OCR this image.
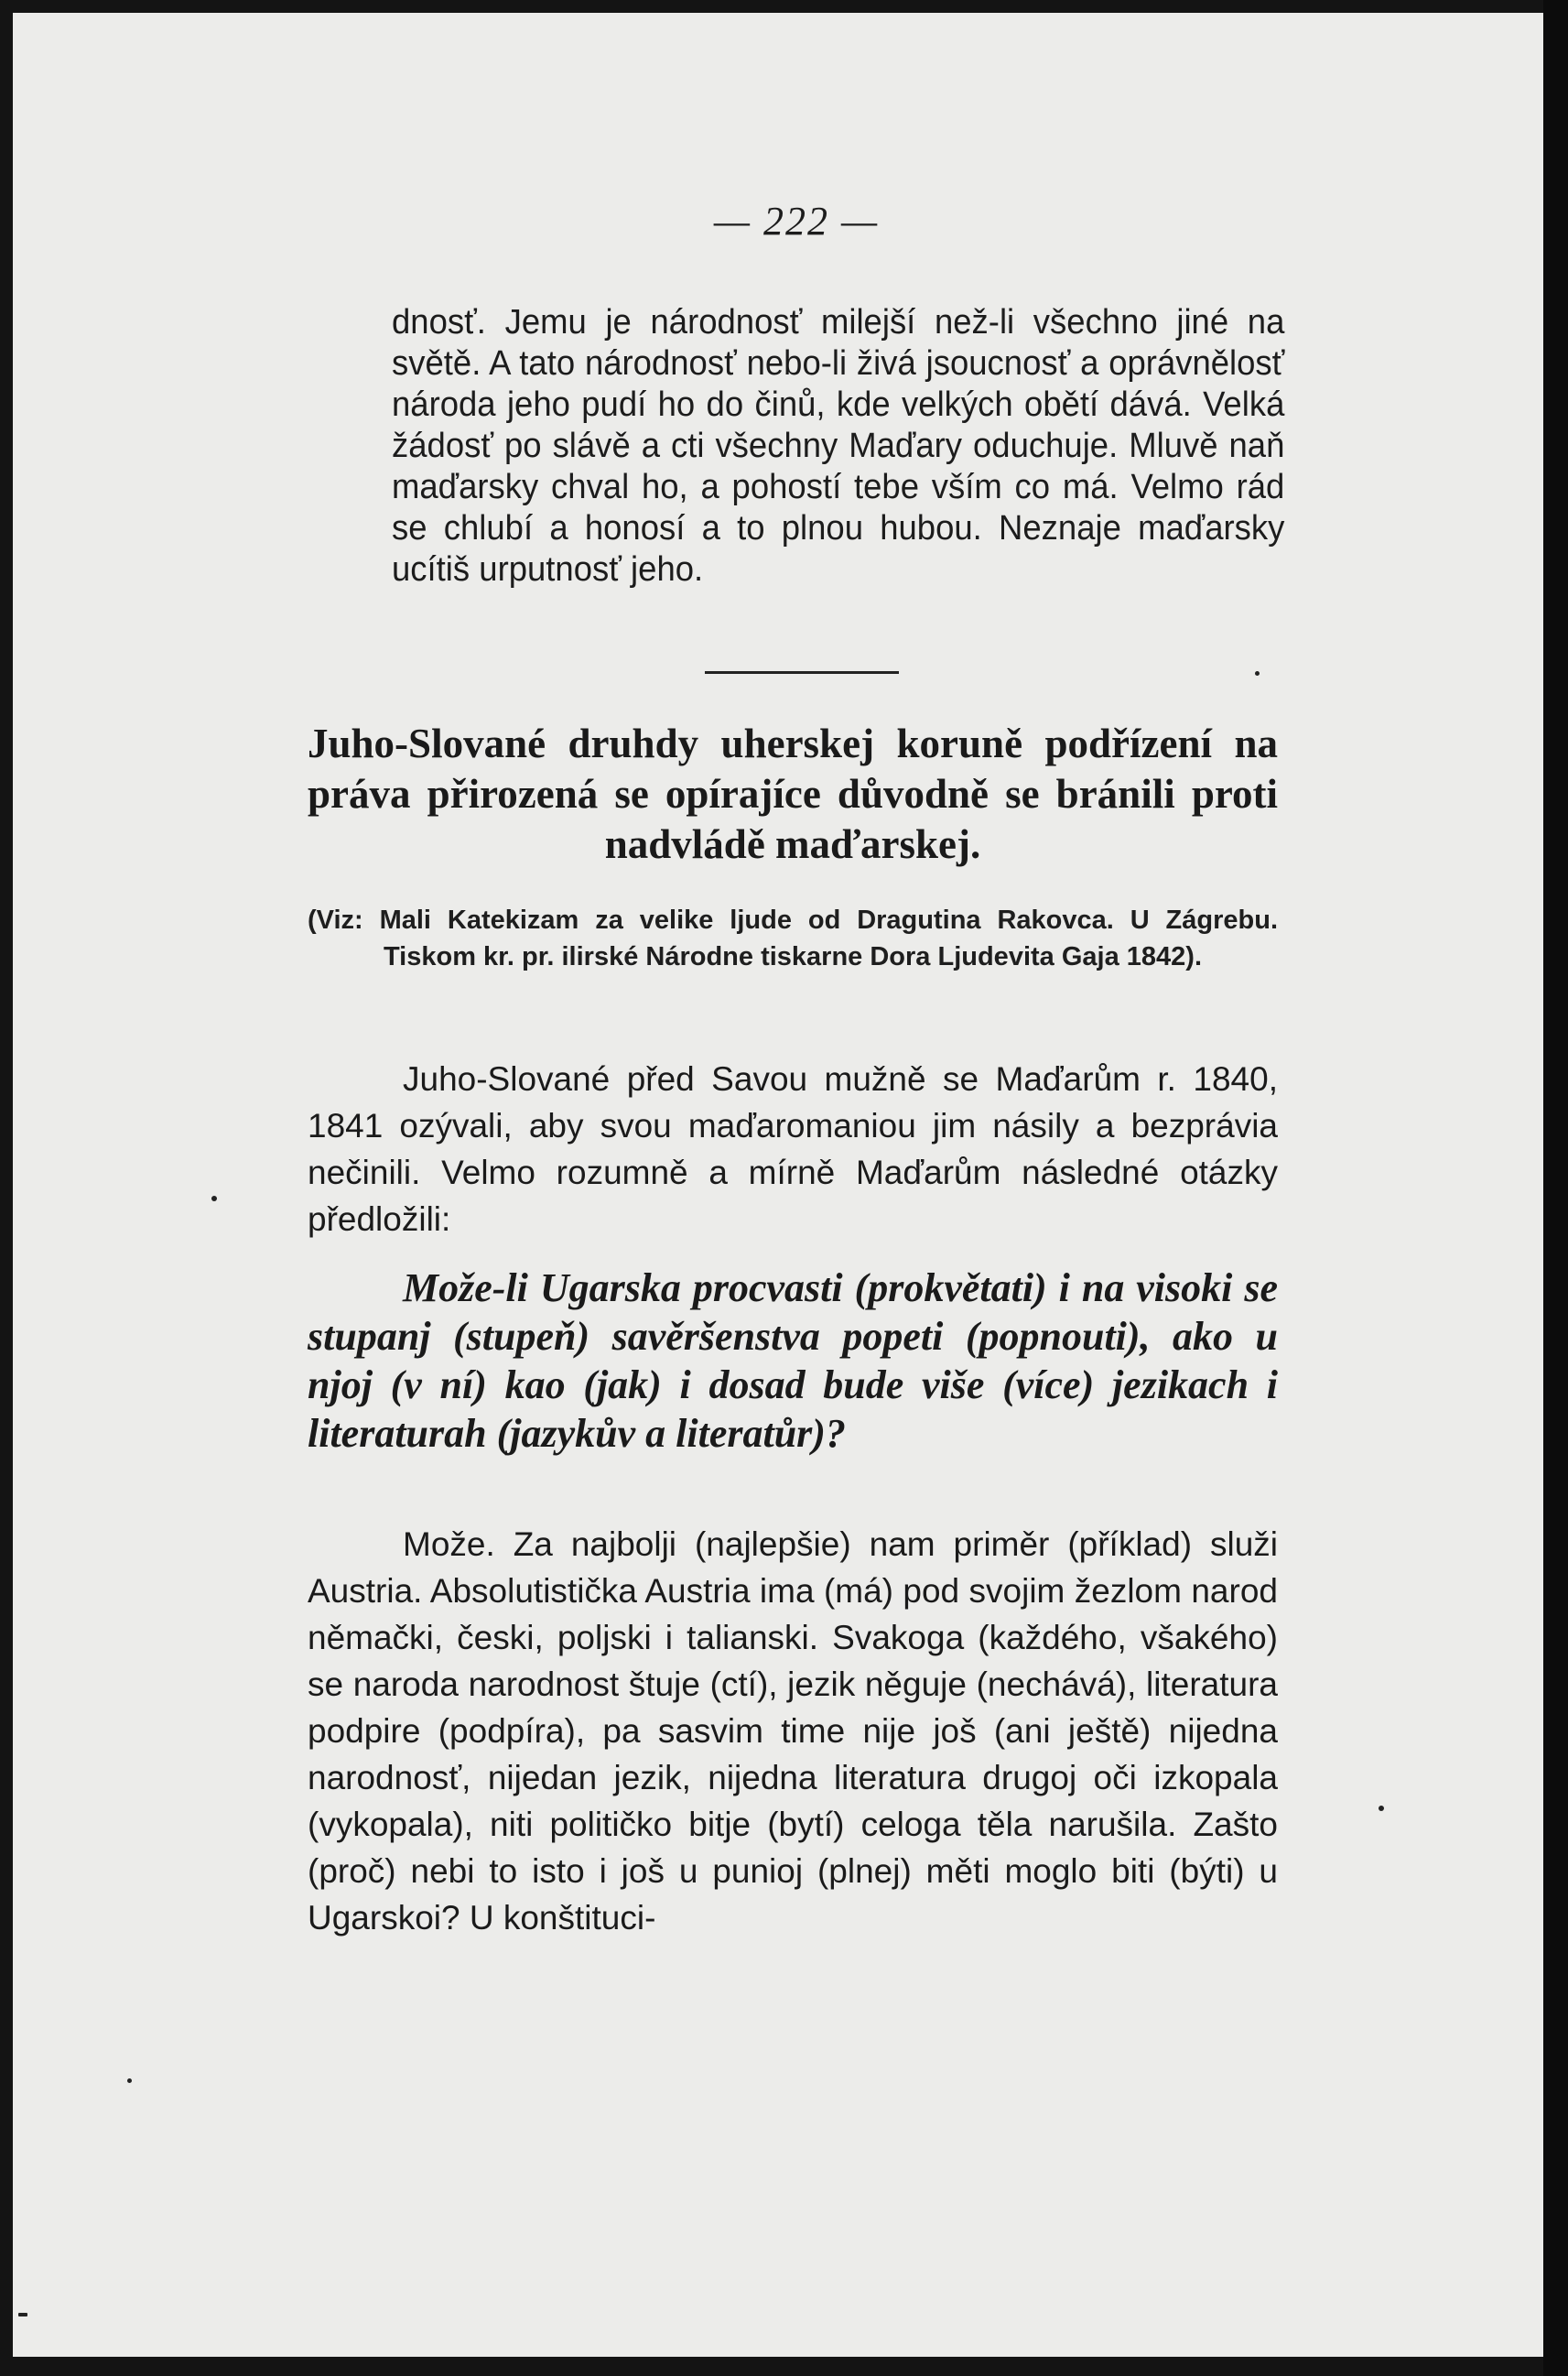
— 222 —

dnosť. Jemu je národnosť milejší než-li všechno jiné na světě. A tato národnosť nebo-li živá jsoucnosť a oprávnělosť národa jeho pudí ho do činů, kde velkých obětí dává. Velká žádosť po slávě a cti všechny Maďary oduchuje. Mluvě naň maďarsky chval ho, a pohostí tebe vším co má. Velmo rád se chlubí a honosí a to plnou hubou. Neznaje maďarsky ucítiš urputnosť jeho.

Juho-Slované druhdy uherskej koruně podřízení na práva přirozená se opírajíce důvodně se bránili proti nadvládě maďarskej.

(Viz: Mali Katekizam za velike ljude od Dragutina Rakovca. U Zágrebu. Tiskom kr. pr. ilirské Národne tiskarne Dora Ljudevita Gaja 1842).

Juho-Slované před Savou mužně se Maďarům r. 1840, 1841 ozývali, aby svou maďaromaniou jim násily a bezprávia nečinili. Velmo rozumně a mírně Maďarům následné otázky předložili:

Može-li Ugarska procvasti (prokvětati) i na visoki se stupanj (stupeň) savěršenstva popeti (popnouti), ako u njoj (v ní) kao (jak) i dosad bude više (více) jezikach i literaturah (jazykův a literatůr)?

Može. Za najbolji (najlepšie) nam priměr (příklad) služi Austria. Absolutistička Austria ima (má) pod svojim žezlom narod němački, česki, poljski i talianski. Svakoga (každého, všakého) se naroda narodnost štuje (ctí), jezik něguje (nechává), literatura podpire (podpíra), pa sasvim time nije još (ani ještě) nijedna narodnosť, nijedan jezik, nijedna literatura drugoj oči izkopala (vykopala), niti političko bitje (bytí) celoga těla narušila. Zašto (proč) nebi to isto i još u punioj (plnej) měti moglo biti (býti) u Ugarskoi? U konštituci-
